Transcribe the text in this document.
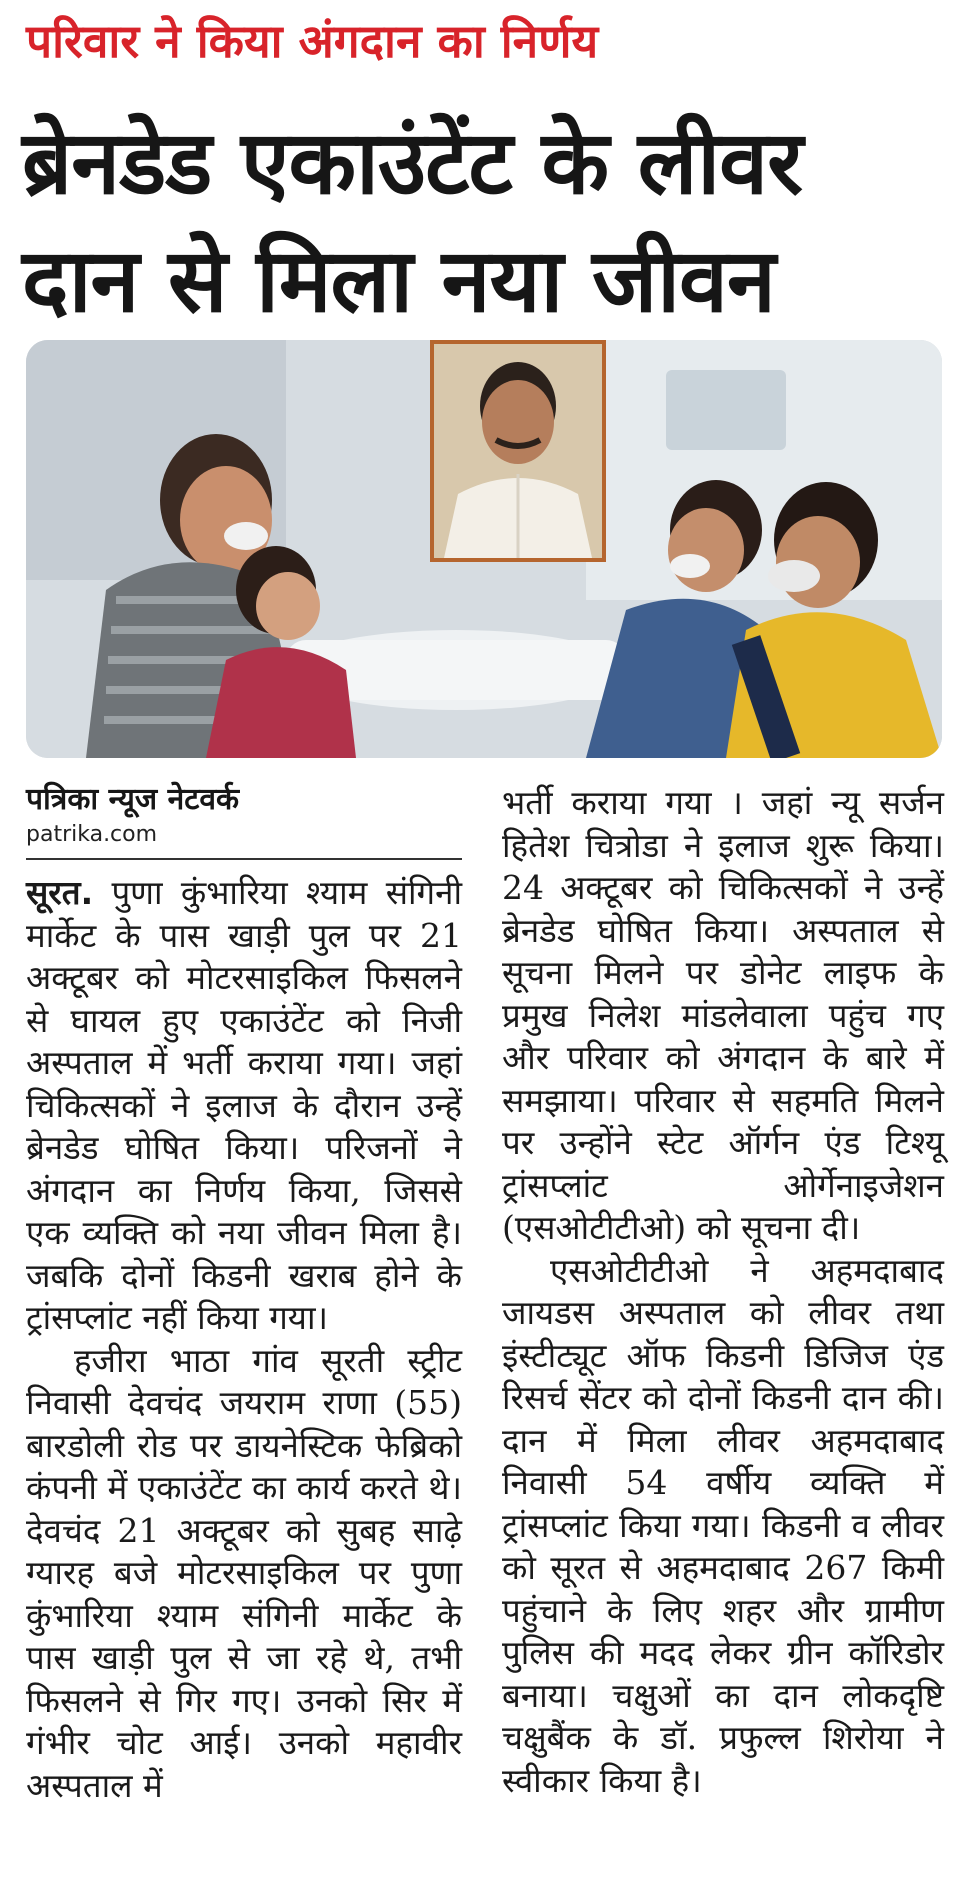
परिवार ने किया अंगदान का निर्णय
ब्रेनडेड एकाउंटेंट के लीवर
दान से मिला नया जीवन
पत्रिका न्यूज नेटवर्क
patrika.com

सूरत. पुणा कुंभारिया श्याम संगिनी मार्केट के पास खाड़ी पुल पर 21 अक्टूबर को मोटरसाइकिल फिसलने से घायल हुए एकाउंटेंट को निजी अस्पताल में भर्ती कराया गया। जहां चिकित्सकों ने इलाज के दौरान उन्हें ब्रेनडेड घोषित किया। परिजनों ने अंगदान का निर्णय किया, जिससे एक व्यक्ति को नया जीवन मिला है। जबकि दोनों किडनी खराब होने के ट्रांसप्लांट नहीं किया गया।

हजीरा भाठा गांव सूरती स्ट्रीट निवासी देवचंद जयराम राणा (55) बारडोली रोड पर डायनेस्टिक फेब्रिको कंपनी में एकाउंटेंट का कार्य करते थे। देवचंद 21 अक्टूबर को सुबह साढ़े ग्यारह बजे मोटरसाइकिल पर पुणा कुंभारिया श्याम संगिनी मार्केट के पास खाड़ी पुल से जा रहे थे, तभी फिसलने से गिर गए। उनको सिर में गंभीर चोट आई। उनको महावीर अस्पताल में

भर्ती कराया गया । जहां न्यू सर्जन हितेश चित्रोडा ने इलाज शुरू किया। 24 अक्टूबर को चिकित्सकों ने उन्हें ब्रेनडेड घोषित किया। अस्पताल से सूचना मिलने पर डोनेट लाइफ के प्रमुख निलेश मांडलेवाला पहुंच गए और परिवार को अंगदान के बारे में समझाया। परिवार से सहमति मिलने पर उन्होंने स्टेट ऑर्गन एंड टिश्यू ट्रांसप्लांट ओर्गेनाइजेशन (एसओटीटीओ) को सूचना दी।

एसओटीटीओ ने अहमदाबाद जायडस अस्पताल को लीवर तथा इंस्टीट्यूट ऑफ किडनी डिजिज एंड रिसर्च सेंटर को दोनों किडनी दान की। दान में मिला लीवर अहमदाबाद निवासी 54 वर्षीय व्यक्ति में ट्रांसप्लांट किया गया। किडनी व लीवर को सूरत से अहमदाबाद 267 किमी पहुंचाने के लिए शहर और ग्रामीण पुलिस की मदद लेकर ग्रीन कॉरिडोर बनाया। चक्षुओं का दान लोकदृष्टि चक्षुबैंक के डॉ. प्रफुल्ल शिरोया ने स्वीकार किया है।
